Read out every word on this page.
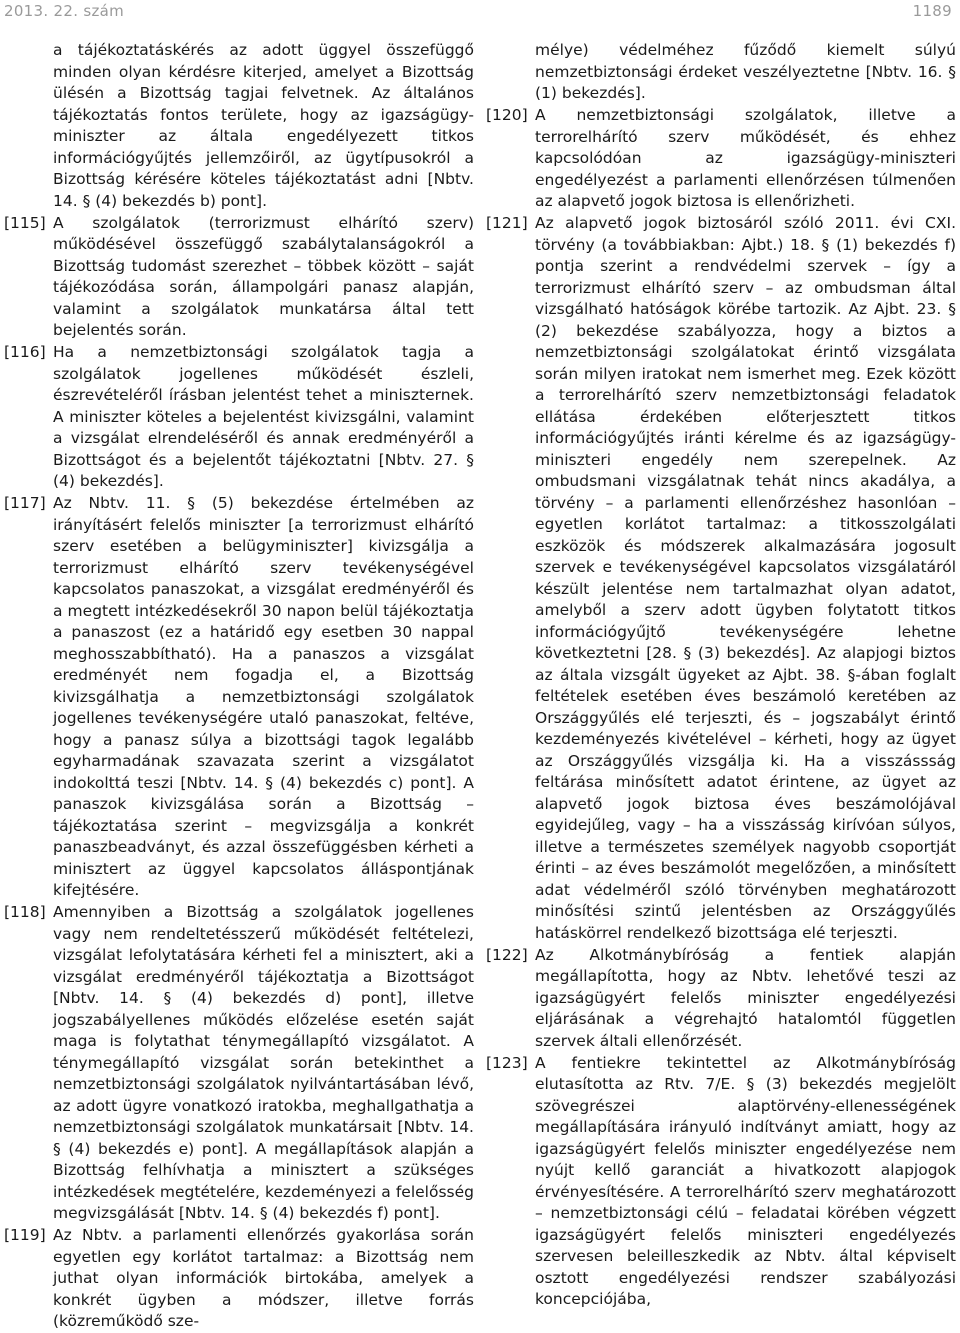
2013. 22. szám	1189
a tájékoztatáskérés az adott üggyel összefüggő minden olyan kérdésre kiterjed, amelyet a Bizottság ülésén a Bizottság tagjai felvetnek. Az általános tájékoztatás fontos területe, hogy az igazságügy-miniszter az általa engedélyezett titkos információgyűjtés jellemzőiről, az ügytípusokról a Bizottság kérésére köteles tájékoztatást adni [Nbtv. 14. § (4) bekezdés b) pont].
[115] A szolgálatok (terrorizmust elhárító szerv) működésével összefüggő szabálytalanságokról a Bizottság tudomást szerezhet – többek között – saját tájékozódása során, állampolgári panasz alapján, valamint a szolgálatok munkatársa által tett bejelentés során.
[116] Ha a nemzetbiztonsági szolgálatok tagja a szolgálatok jogellenes működését észleli, észrevételéről írásban jelentést tehet a miniszternek. A miniszter köteles a bejelentést kivizsgálni, valamint a vizsgálat elrendeléséről és annak eredményéről a Bizottságot és a bejelentőt tájékoztatni [Nbtv. 27. § (4) bekezdés].
[117] Az Nbtv. 11. § (5) bekezdése értelmében az irányításért felelős miniszter [a terrorizmust elhárító szerv esetében a belügyminiszter] kivizsgálja a terrorizmust elhárító szerv tevékenységével kapcsolatos panaszokat, a vizsgálat eredményéről és a megtett intézkedésekről 30 napon belül tájékoztatja a panaszost (ez a határidő egy esetben 30 nappal meghosszabbítható). Ha a panaszos a vizsgálat eredményét nem fogadja el, a Bizottság kivizsgálhatja a nemzetbiztonsági szolgálatok jogellenes tevékenységére utaló panaszokat, feltéve, hogy a panasz súlya a bizottsági tagok legalább egyharmadának szavazata szerint a vizsgálatot indokolttá teszi [Nbtv. 14. § (4) bekezdés c) pont]. A panaszok kivizsgálása során a Bizottság – tájékoztatása szerint – megvizsgálja a konkrét panaszbeadványt, és azzal összefüggésben kérheti a minisztert az üggyel kapcsolatos álláspontjának kifejtésére.
[118] Amennyiben a Bizottság a szolgálatok jogellenes vagy nem rendeltetésszerű működését feltételezi, vizsgálat lefolytatására kérheti fel a minisztert, aki a vizsgálat eredményéről tájékoztatja a Bizottságot [Nbtv. 14. § (4) bekezdés d) pont], illetve jogszabályellenes működés előzelése esetén saját maga is folytathat ténymegállapító vizsgálatot. A ténymegállapító vizsgálat során betekinthet a nemzetbiztonsági szolgálatok nyilvántartásában lévő, az adott ügyre vonatkozó iratokba, meghallgathatja a nemzetbiztonsági szolgálatok munkatársait [Nbtv. 14. § (4) bekezdés e) pont]. A megállapítások alapján a Bizottság felhívhatja a minisztert a szükséges intézkedések megtételére, kezdeményezi a felelősség megvizsgálását [Nbtv. 14. § (4) bekezdés f) pont].
[119] Az Nbtv. a parlamenti ellenőrzés gyakorlása során egyetlen egy korlátot tartalmaz: a Bizottság nem juthat olyan információk birtokába, amelyek a konkrét ügyben a módszer, illetve forrás (közreműködő sze-
mélye) védelméhez fűződő kiemelt súlyú nemzetbiztonsági érdeket veszélyeztetne [Nbtv. 16. § (1) bekezdés].
[120] A nemzetbiztonsági szolgálatok, illetve a terrorelhárító szerv működését, és ehhez kapcsolódóan az igazságügy-miniszteri engedélyezést a parlamenti ellenőrzésen túlmenően az alapvető jogok biztosa is ellenőrizheti.
[121] Az alapvető jogok biztosáról szóló 2011. évi CXI. törvény (a továbbiakban: Ajbt.) 18. § (1) bekezdés f) pontja szerint a rendvédelmi szervek – így a terrorizmust elhárító szerv – az ombudsman által vizsgálható hatóságok körébe tartozik. Az Ajbt. 23. § (2) bekezdése szabályozza, hogy a biztos a nemzetbiztonsági szolgálatokat érintő vizsgálata során milyen iratokat nem ismerhet meg. Ezek között a terrorelhárító szerv nemzetbiztonsági feladatok ellátása érdekében előterjesztett titkos információgyűjtés iránti kérelme és az igazságügy-miniszteri engedély nem szerepelnek. Az ombudsmani vizsgálatnak tehát nincs akadálya, a törvény – a parlamenti ellenőrzéshez hasonlóan – egyetlen korlátot tartalmaz: a titkosszolgálati eszközök és módszerek alkalmazására jogosult szervek e tevékenységével kapcsolatos vizsgálatáról készült jelentése nem tartalmazhat olyan adatot, amelyből a szerv adott ügyben folytatott titkos információgyűjtő tevékenységére lehetne következtetni [28. § (3) bekezdés]. Az alapjogi biztos az általa vizsgált ügyeket az Ajbt. 38. §-ában foglalt feltételek esetében éves beszámoló keretében az Országgyűlés elé terjeszti, és – jogszabályt érintő kezdeményezés kivételével – kérheti, hogy az ügyet az Országgyűlés vizsgálja ki. Ha a visszássság feltárása minősített adatot érintene, az ügyet az alapvető jogok biztosa éves beszámolójával egyidejűleg, vagy – ha a visszásság kirívóan súlyos, illetve a természetes személyek nagyobb csoportját érinti – az éves beszámolót megelőzően, a minősített adat védelméről szóló törvényben meghatározott minősítési szintű jelentésben az Országgyűlés hatáskörrel rendelkező bizottsága elé terjeszti.
[122] Az Alkotmánybíróság a fentiek alapján megállapította, hogy az Nbtv. lehetővé teszi az igazságügyért felelős miniszter engedélyezési eljárásának a végrehajtó hatalomtól független szervek általi ellenőrzését.
[123] A fentiekre tekintettel az Alkotmánybíróság elutasította az Rtv. 7/E. § (3) bekezdés megjelölt szövegrészei alaptörvény-ellenességének megállapítására irányuló indítványt amiatt, hogy az igazságügyért felelős miniszter engedélyezése nem nyújt kellő garanciát a hivatkozott alapjogok érvényesítésére. A terrorelhárító szerv meghatározott – nemzetbiztonsági célú – feladatai körében végzett igazságügyért felelős miniszteri engedélyezés szervesen beleilleszkedik az Nbtv. által képviselt osztott engedélyezési rendszer szabályozási koncepciójába,
